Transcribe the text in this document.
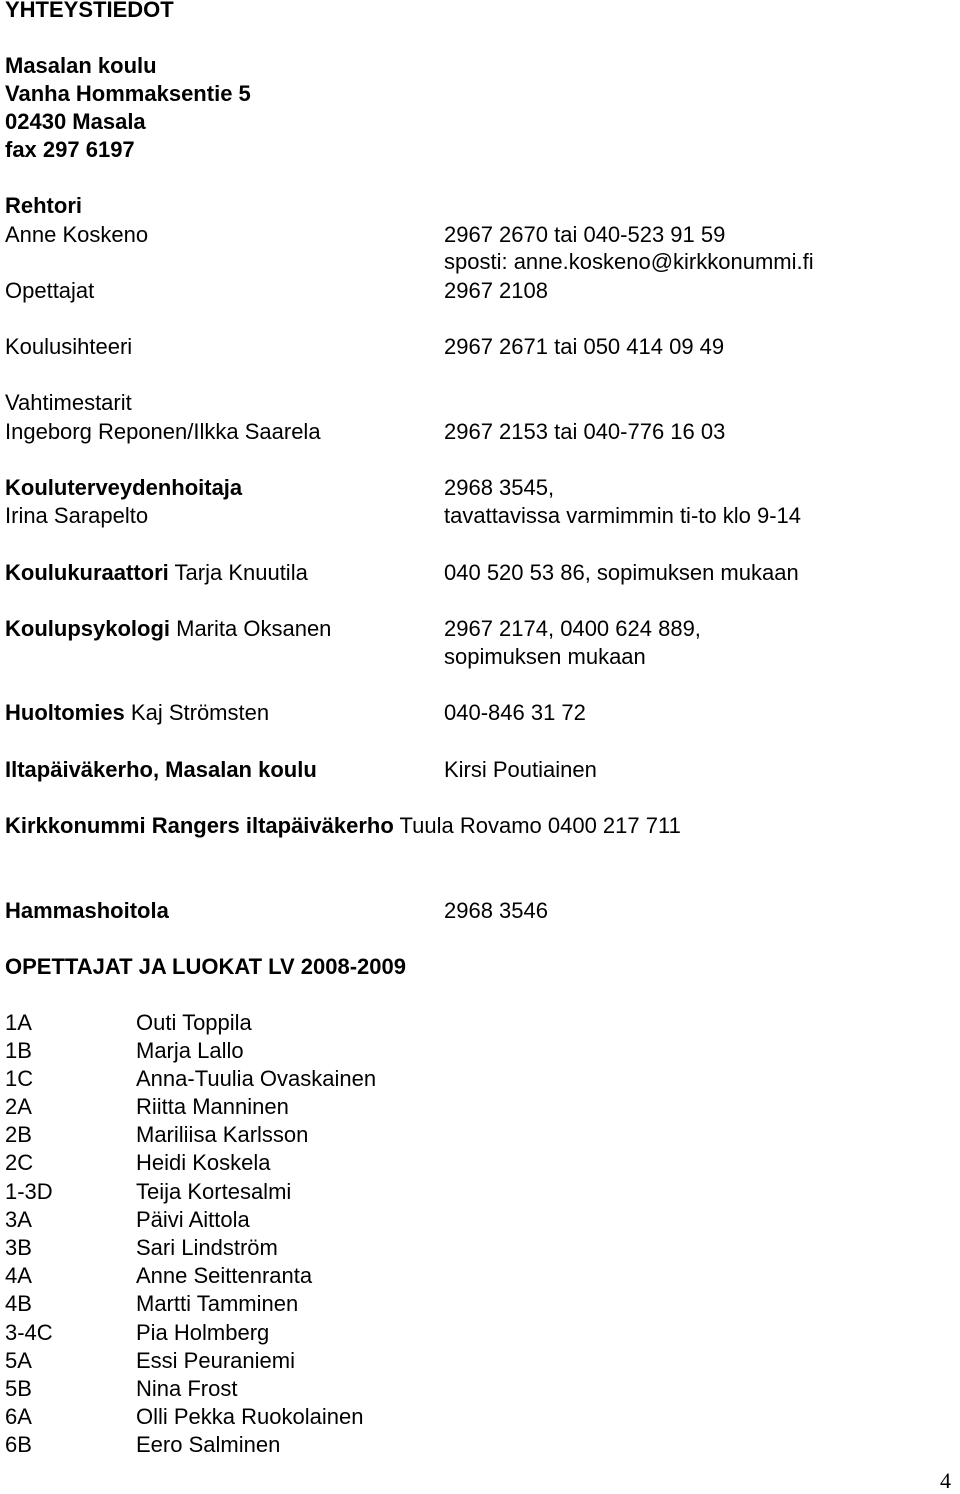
YHTEYSTIEDOT
Masalan koulu
Vanha Hommaksentie 5
02430 Masala
fax 297 6197
Rehtori
Anne Koskeno	2967 2670 tai 040-523 91 59
sposti: anne.koskeno@kirkkonummi.fi
Opettajat	2967 2108
Koulusihteeri	2967 2671 tai 050 414 09 49
Vahtimestarit
Ingeborg Reponen/Ilkka Saarela	2967 2153 tai 040-776 16 03
Kouluterveydenhoitaja	2968 3545,
Irina Sarapelto	tavattavissa varmimmin ti-to klo 9-14
Koulukuraattori Tarja Knuutila	040 520 53 86, sopimuksen mukaan
Koulupsykologi Marita Oksanen	2967 2174, 0400 624 889,
sopimuksen mukaan
Huoltomies Kaj Strömsten	040-846 31 72
Iltapäiväkerho, Masalan koulu	Kirsi Poutiainen
Kirkkonummi Rangers iltapäiväkerho Tuula Rovamo 0400 217 711
Hammashoitola	2968 3546
OPETTAJAT JA LUOKAT LV 2008-2009
1A	Outi Toppila
1B	Marja Lallo
1C	Anna-Tuulia Ovaskainen
2A	Riitta Manninen
2B	Mariliisa Karlsson
2C	Heidi Koskela
1-3D	Teija Kortesalmi
3A	Päivi Aittola
3B	Sari Lindström
4A	Anne Seittenranta
4B	Martti Tamminen
3-4C	Pia Holmberg
5A	Essi Peuraniemi
5B	Nina Frost
6A	Olli Pekka Ruokolainen
6B	Eero Salminen
4
